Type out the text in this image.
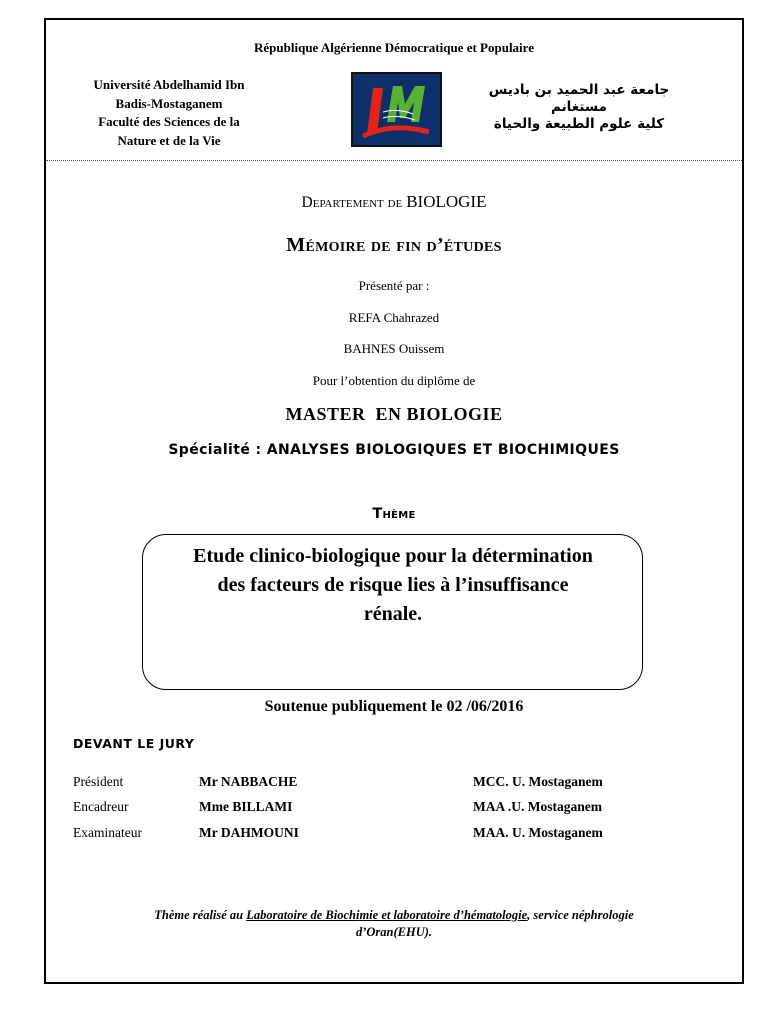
République Algérienne Démocratique et Populaire
Université Abdelhamid Ibn
Badis-Mostaganem
Faculté des Sciences de la
Nature et de la Vie
جامعة عبد الحميد بن باديس
مستغانم
كلية علوم الطبيعة والحياة
Departement de BIOLOGIE
Mémoire de fin d’études
Présenté par :
REFA Chahrazed
BAHNES Ouissem
Pour l’obtention du diplôme de
MASTER  EN BIOLOGIE
Spécialité : ANALYSES BIOLOGIQUES ET BIOCHIMIQUES
Thème
Etude clinico-biologique pour la détermination
des facteurs de risque lies à l’insuffisance
rénale.
Soutenue publiquement le 02 /06/2016
DEVANT LE JURY
Président	Mr NABBACHE	MCC. U. Mostaganem
Encadreur	Mme BILLAMI	MAA .U. Mostaganem
Examinateur	Mr DAHMOUNI	MAA. U. Mostaganem
Thème réalisé au Laboratoire de Biochimie et laboratoire d’hématologie, service néphrologie
d’Oran(EHU).
